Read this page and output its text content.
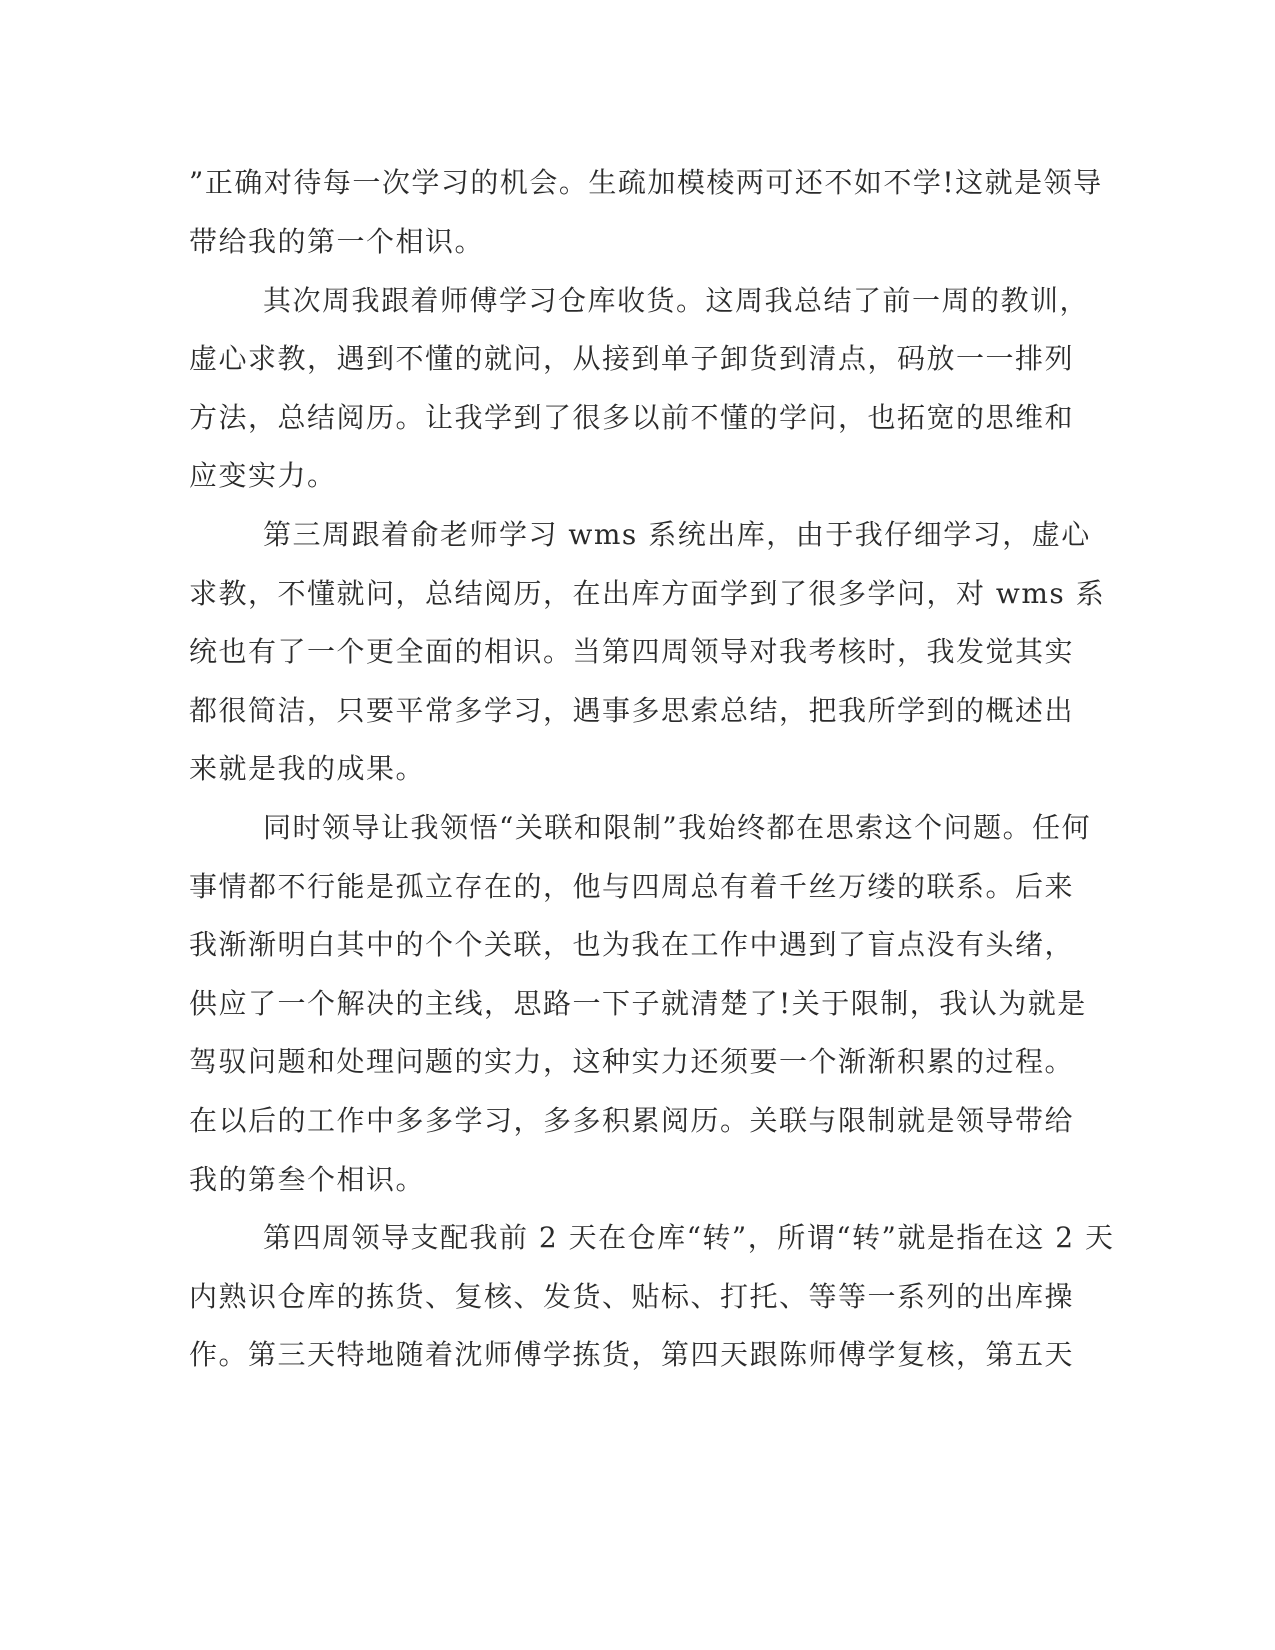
”正确对待每一次学习的机会。生疏加模棱两可还不如不学!这就是领导

带给我的第一个相识。

其次周我跟着师傅学习仓库收货。这周我总结了前一周的教训，

虚心求教，遇到不懂的就问，从接到单子卸货到清点，码放一一排列

方法，总结阅历。让我学到了很多以前不懂的学问，也拓宽的思维和

应变实力。

第三周跟着俞老师学习 wms 系统出库，由于我仔细学习，虚心

求教，不懂就问，总结阅历，在出库方面学到了很多学问，对 wms 系

统也有了一个更全面的相识。当第四周领导对我考核时，我发觉其实

都很简洁，只要平常多学习，遇事多思索总结，把我所学到的概述出

来就是我的成果。

同时领导让我领悟“关联和限制”我始终都在思索这个问题。任何

事情都不行能是孤立存在的，他与四周总有着千丝万缕的联系。后来

我渐渐明白其中的个个关联，也为我在工作中遇到了盲点没有头绪，

供应了一个解决的主线，思路一下子就清楚了!关于限制，我认为就是

驾驭问题和处理问题的实力，这种实力还须要一个渐渐积累的过程。

在以后的工作中多多学习，多多积累阅历。关联与限制就是领导带给

我的第叁个相识。

第四周领导支配我前 2 天在仓库“转”，所谓“转”就是指在这 2 天

内熟识仓库的拣货、复核、发货、贴标、打托、等等一系列的出库操

作。第三天特地随着沈师傅学拣货，第四天跟陈师傅学复核，第五天
